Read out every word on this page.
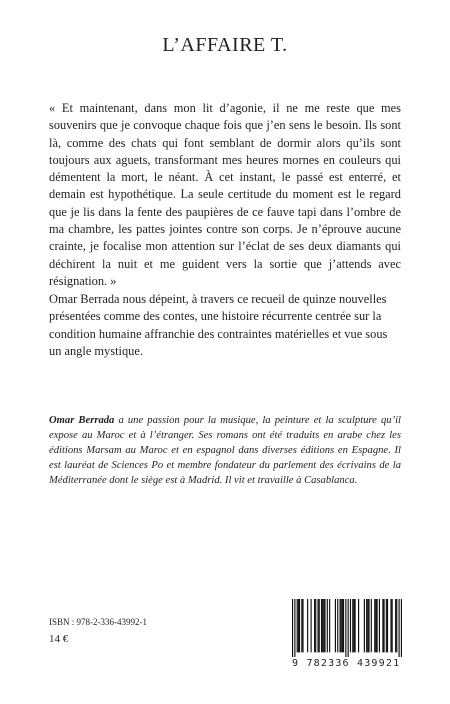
L’AFFAIRE T.

« Et maintenant, dans mon lit d’agonie, il ne me reste que mes souvenirs que je convoque chaque fois que j’en sens le besoin. Ils sont là, comme des chats qui font semblant de dormir alors qu’ils sont toujours aux aguets, transformant mes heures mornes en couleurs qui démentent la mort, le néant. À cet instant, le passé est enterré, et demain est hypothétique. La seule certitude du moment est le regard que je lis dans la fente des paupières de ce fauve tapi dans l’ombre de ma chambre, les pattes jointes contre son corps. Je n’éprouve aucune crainte, je focalise mon attention sur l’éclat de ses deux diamants qui déchirent la nuit et me guident vers la sortie que j’attends avec résignation. »

Omar Berrada nous dépeint, à travers ce recueil de quinze nouvelles présentées comme des contes, une histoire récurrente centrée sur la condition humaine affranchie des contraintes matérielles et vue sous un angle mystique.

Omar Berrada a une passion pour la musique, la peinture et la sculpture qu’il expose au Maroc et à l’étranger. Ses romans ont été traduits en arabe chez les éditions Marsam au Maroc et en espagnol dans diverses éditions en Espagne. Il est lauréat de Sciences Po et membre fondateur du parlement des écrivains de la Méditerranée dont le siège est à Madrid. Il vit et travaille à Casablanca.

ISBN : 978-2-336-43992-1

14 €

9 782336 439921
